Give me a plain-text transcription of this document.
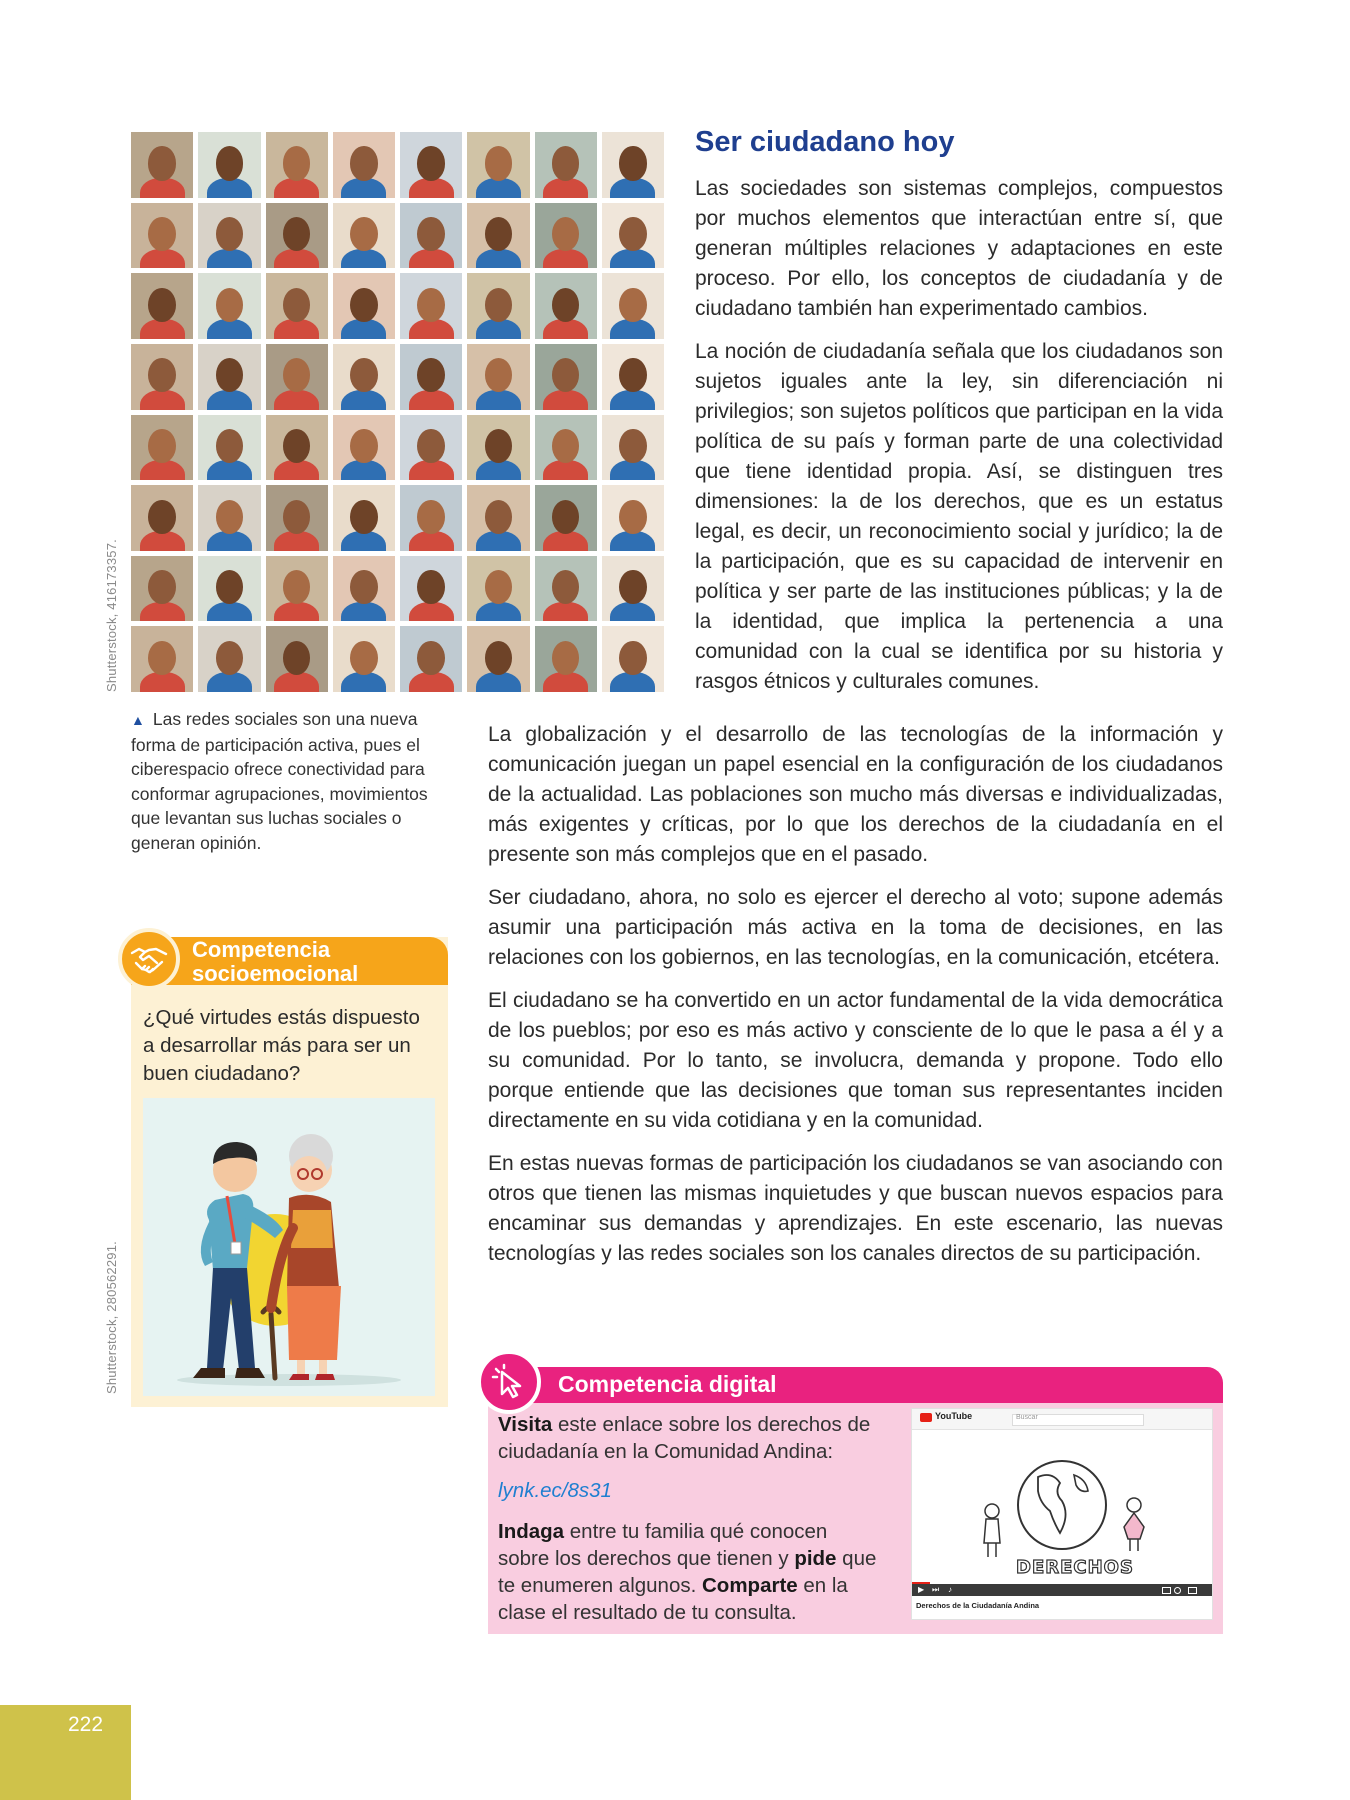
Shutterstock, 416173357.
▲ Las redes sociales son una nueva forma de participación activa, pues el ciberespacio ofrece conectividad para conformar agrupaciones, movimientos que levantan sus luchas sociales o generan opinión.
Ser ciudadano hoy

Las sociedades son sistemas complejos, compuestos por muchos elementos que interactúan entre sí, que generan múltiples relaciones y adaptaciones en este proceso. Por ello, los conceptos de ciudadanía y de ciudadano también han experimentado cambios.

La noción de ciudadanía señala que los ciudadanos son sujetos iguales ante la ley, sin diferenciación ni privilegios; son sujetos políticos que participan en la vida política de su país y forman parte de una colectividad que tiene identidad propia. Así, se distinguen tres dimensiones: la de los derechos, que es un estatus legal, es decir, un reconocimiento social y jurídico; la de la participación, que es su capacidad de intervenir en política y ser parte de las instituciones públicas; y la de la identidad, que implica la pertenencia a una comunidad con la cual se identifica por su historia y rasgos étnicos y culturales comunes.

La globalización y el desarrollo de las tecnologías de la información y comunicación juegan un papel esencial en la configuración de los ciudadanos de la actualidad. Las poblaciones son mucho más diversas e individualizadas, más exigentes y críticas, por lo que los derechos de la ciudadanía en el presente son más complejos que en el pasado.

Ser ciudadano, ahora, no solo es ejercer el derecho al voto; supone además asumir una participación más activa en la toma de decisiones, en las relaciones con los gobiernos, en las tecnologías, en la comunicación, etcétera.

El ciudadano se ha convertido en un actor fundamental de la vida democrática de los pueblos; por eso es más activo y consciente de lo que le pasa a él y a su comunidad. Por lo tanto, se involucra, demanda y propone. Todo ello porque entiende que las decisiones que toman sus representantes inciden directamente en su vida cotidiana y en la comunidad.

En estas nuevas formas de participación los ciudadanos se van asociando con otros que tienen las mismas inquietudes y que buscan nuevos espacios para encaminar sus demandas y aprendizajes. En este escenario, las nuevas tecnologías y las redes sociales son los canales directos de su participación.

Competencia
socioemocional
¿Qué virtudes estás dispuesto a desarrollar más para ser un buen ciudadano?
Shutterstock, 280562291.	Competencia digital

Visita este enlace sobre los derechos de ciudadanía en la Comunidad Andina:

lynk.ec/8s31

Indaga entre tu familia qué conocen sobre los derechos que tienen y pide que te enumeren algunos. Comparte en la clase el resultado de tu consulta.

YouTube	Buscar
DERECHOS
▶ ⏭ ♪
Derechos de la Ciudadanía Andina
222
